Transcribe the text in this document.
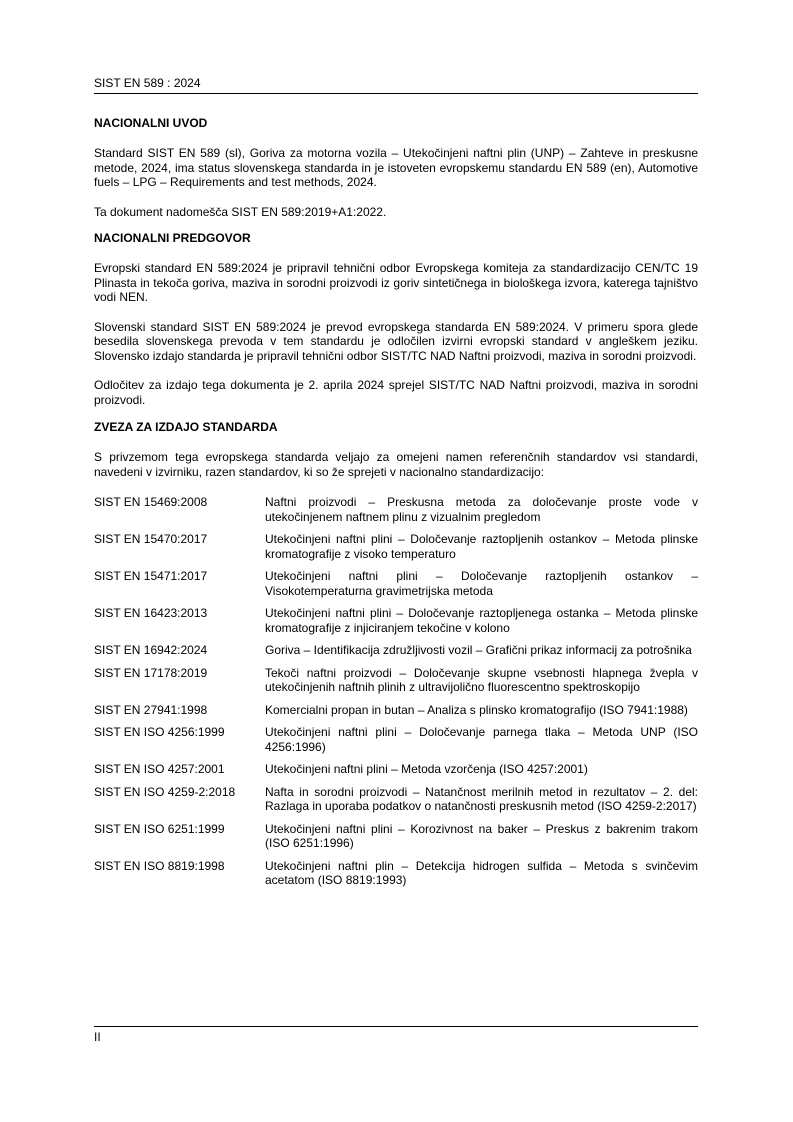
SIST EN 589 : 2024
NACIONALNI UVOD

Standard SIST EN 589 (sl), Goriva za motorna vozila – Utekočinjeni naftni plin (UNP) – Zahteve in preskusne metode, 2024, ima status slovenskega standarda in je istoveten evropskemu standardu EN 589 (en), Automotive fuels – LPG – Requirements and test methods, 2024.

Ta dokument nadomešča SIST EN 589:2019+A1:2022.

NACIONALNI PREDGOVOR

Evropski standard EN 589:2024 je pripravil tehnični odbor Evropskega komiteja za standardizacijo CEN/TC 19 Plinasta in tekoča goriva, maziva in sorodni proizvodi iz goriv sintetičnega in biološkega izvora, katerega tajništvo vodi NEN.

Slovenski standard SIST EN 589:2024 je prevod evropskega standarda EN 589:2024. V primeru spora glede besedila slovenskega prevoda v tem standardu je odločilen izvirni evropski standard v angleškem jeziku. Slovensko izdajo standarda je pripravil tehnični odbor SIST/TC NAD Naftni proizvodi, maziva in sorodni proizvodi.

Odločitev za izdajo tega dokumenta je 2. aprila 2024 sprejel SIST/TC NAD Naftni proizvodi, maziva in sorodni proizvodi.

ZVEZA ZA IZDAJO STANDARDA

S privzemom tega evropskega standarda veljajo za omejeni namen referenčnih standardov vsi standardi, navedeni v izvirniku, razen standardov, ki so že sprejeti v nacionalno standardizacijo:

SIST EN 15469:2008	Naftni proizvodi – Preskusna metoda za določevanje proste vode v utekočinjenem naftnem plinu z vizualnim pregledom
SIST EN 15470:2017	Utekočinjeni naftni plini – Določevanje raztopljenih ostankov – Metoda plinske kromatografije z visoko temperaturo
SIST EN 15471:2017	Utekočinjeni naftni plini – Določevanje raztopljenih ostankov – Visokotemperaturna gravimetrijska metoda
SIST EN 16423:2013	Utekočinjeni naftni plini – Določevanje raztopljenega ostanka – Metoda plinske kromatografije z injiciranjem tekočine v kolono
SIST EN 16942:2024	Goriva – Identifikacija združljivosti vozil – Grafični prikaz informacij za potrošnika
SIST EN 17178:2019	Tekoči naftni proizvodi – Določevanje skupne vsebnosti hlapnega žvepla v utekočinjenih naftnih plinih z ultravijolično fluorescentno spektroskopijo
SIST EN 27941:1998	Komercialni propan in butan – Analiza s plinsko kromatografijo (ISO 7941:1988)
SIST EN ISO 4256:1999	Utekočinjeni naftni plini – Določevanje parnega tlaka – Metoda UNP (ISO 4256:1996)
SIST EN ISO 4257:2001	Utekočinjeni naftni plini – Metoda vzorčenja (ISO 4257:2001)
SIST EN ISO 4259-2:2018	Nafta in sorodni proizvodi – Natančnost merilnih metod in rezultatov – 2. del: Razlaga in uporaba podatkov o natančnosti preskusnih metod (ISO 4259-2:2017)
SIST EN ISO 6251:1999	Utekočinjeni naftni plini – Korozivnost na baker – Preskus z bakrenim trakom (ISO 6251:1996)
SIST EN ISO 8819:1998	Utekočinjeni naftni plin – Detekcija hidrogen sulfida – Metoda s svinčevim acetatom (ISO 8819:1993)
II
